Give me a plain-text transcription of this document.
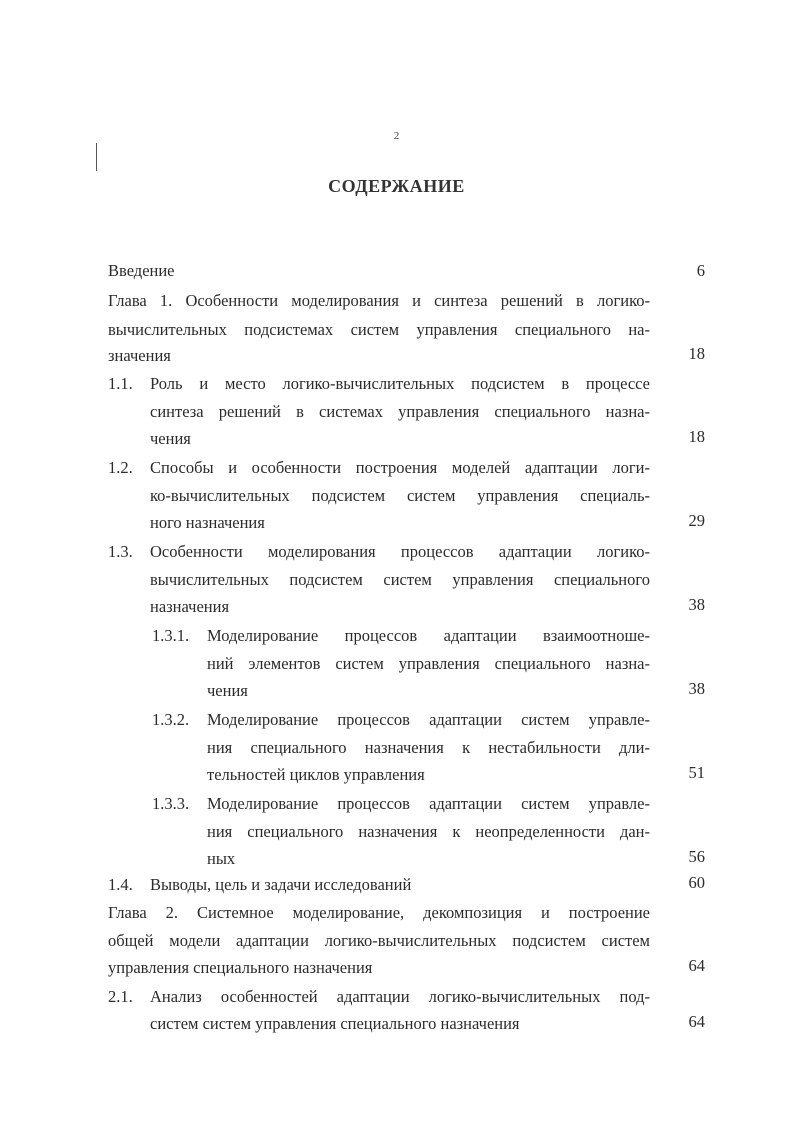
2
СОДЕРЖАНИЕ
Введение	6
Глава 1. Особенности моделирования и синтеза решений в логико-
вычислительных подсистемах систем управления специального на-
значения	18
1.1. Роль и место логико-вычислительных подсистем в процессе
синтеза решений в системах управления специального назна-
чения	18
1.2. Способы и особенности построения моделей адаптации логи-
ко-вычислительных подсистем систем управления специаль-
ного назначения	29
1.3. Особенности моделирования процессов адаптации логико-
вычислительных подсистем систем управления специального
назначения	38
1.3.1. Моделирование процессов адаптации взаимоотноше-
ний элементов систем управления специального назна-
чения	38
1.3.2. Моделирование процессов адаптации систем управле-
ния специального назначения к нестабильности дли-
тельностей циклов управления	51
1.3.3. Моделирование процессов адаптации систем управле-
ния специального назначения к неопределенности дан-
ных	56
1.4. Выводы, цель и задачи исследований	60
Глава 2. Системное моделирование, декомпозиция и построение
общей модели адаптации логико-вычислительных подсистем систем
управления специального назначения	64
2.1. Анализ особенностей адаптации логико-вычислительных под-
систем систем управления специального назначения	64
